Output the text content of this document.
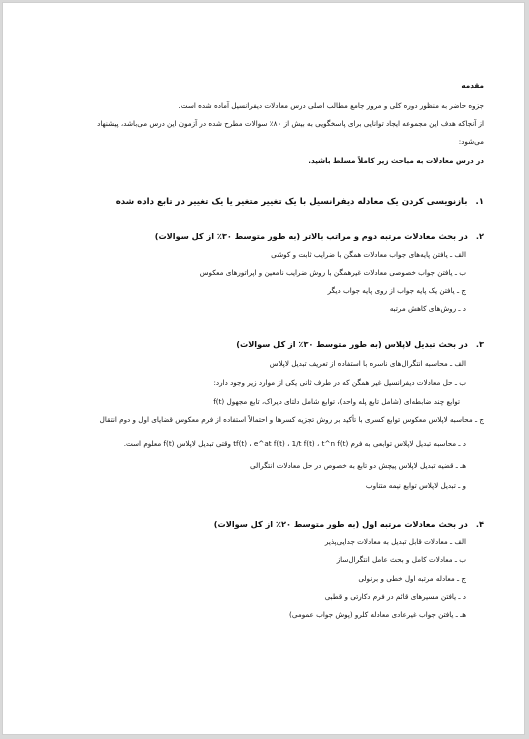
مقدمه
جزوه حاضر به منظور دوره کلی و مرور جامع مطالب اصلی درس معادلات دیفرانسیل آماده شده است.
از آنجاکه هدف این مجموعه ایجاد توانایی برای پاسخگویی به بیش از ۸۰٪ سوالات مطرح شده در آزمون این درس می‌باشد، پیشنهاد
می‌شود:
در درس معادلات به مباحث زیر کاملاً مسلط باشید.
۱.بازنویسی کردن یک معادله دیفرانسیل با یک تغییر متغیر یا یک تغییر در تابع داده شده
۲.در بحث معادلات مرتبه دوم و مراتب بالاتر (به طور متوسط ۳۰٪ از کل سوالات)
الف ـ یافتن پایه‌های جواب معادلات همگن با ضرایب ثابت و کوشی
ب ـ یافتن جواب خصوصی معادلات غیرهمگن با روش ضرایب نامعین و اپراتورهای معکوس
ج ـ یافتن یک پایه جواب از روی پایه جواب دیگر
د ـ روش‌های کاهش مرتبه
۳.در بحث تبدیل لاپلاس (به طور متوسط ۳۰٪ از کل سوالات)
الف ـ محاسبه انتگرال‌های ناسره با استفاده از تعریف تبدیل لاپلاس
ب ـ حل معادلات دیفرانسیل غیر همگن که در طرف ثانی یکی از موارد زیر وجود دارد:
توابع چند ضابطه‌ای (شامل تابع پله واحد)، توابع شامل دلتای دیراک، تابع مجهول f(t)
ج ـ محاسبه لاپلاس معکوس توابع کسری با تأکید بر روش تجزیه کسرها و احتمالاً استفاده از فرم معکوس قضایای اول و دوم انتقال
د ـ محاسبه تبدیل لاپلاس توابعی به فرم tf(t) ، e^at f(t) ، 1/t f(t) ، t^n f(t) وقتی تبدیل لاپلاس f(t) معلوم است.
هـ ـ قضیه تبدیل لاپلاس پیچش دو تابع به خصوص در حل معادلات انتگرالی
و ـ تبدیل لاپلاس توابع نیمه متناوب
۴.در بحث معادلات مرتبه اول (به طور متوسط ۲۰٪ از کل سوالات)
الف ـ معادلات قابل تبدیل به معادلات جدایی‌پذیر
ب ـ معادلات کامل و بحث عامل انتگرال‌ساز
ج ـ معادله مرتبه اول خطی و برنولی
د ـ یافتن مسیرهای قائم در فرم دکارتی و قطبی
هـ ـ یافتن جواب غیرعادی معادله کلرو (پوش جواب عمومی)
